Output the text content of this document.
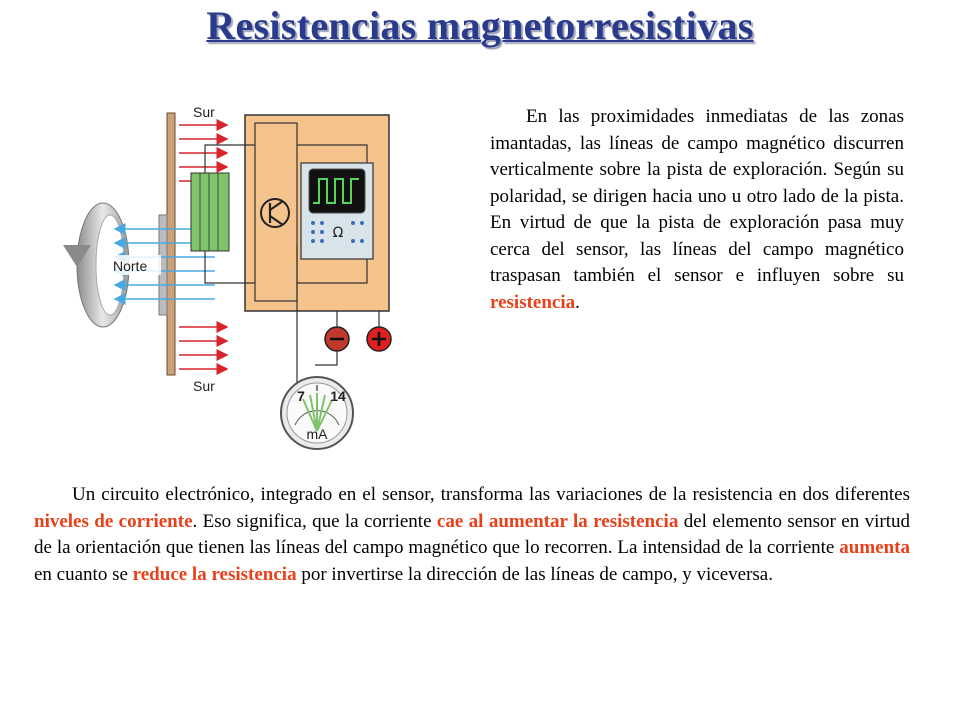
Resistencias magnetorresistivas
Ω
7 14
mA
Sur
Sur
Norte
En las proximidades inmediatas de las zonas imantadas, las líneas de campo magnético discurren verticalmente sobre la pista de exploración. Según su polaridad, se dirigen hacia uno u otro lado de la pista. En virtud de que la pista de exploración pasa muy cerca del sensor, las líneas del campo magnético traspasan también el sensor e influyen sobre su resistencia.
Un circuito electrónico, integrado en el sensor, transforma las variaciones de la resistencia en dos diferentes niveles de corriente. Eso significa, que la corriente cae al aumentar la resistencia del elemento sensor en virtud de la orientación que tienen las líneas del campo magnético que lo recorren. La intensidad de la corriente aumenta en cuanto se reduce la resistencia por invertirse la dirección de las líneas de campo, y viceversa.
